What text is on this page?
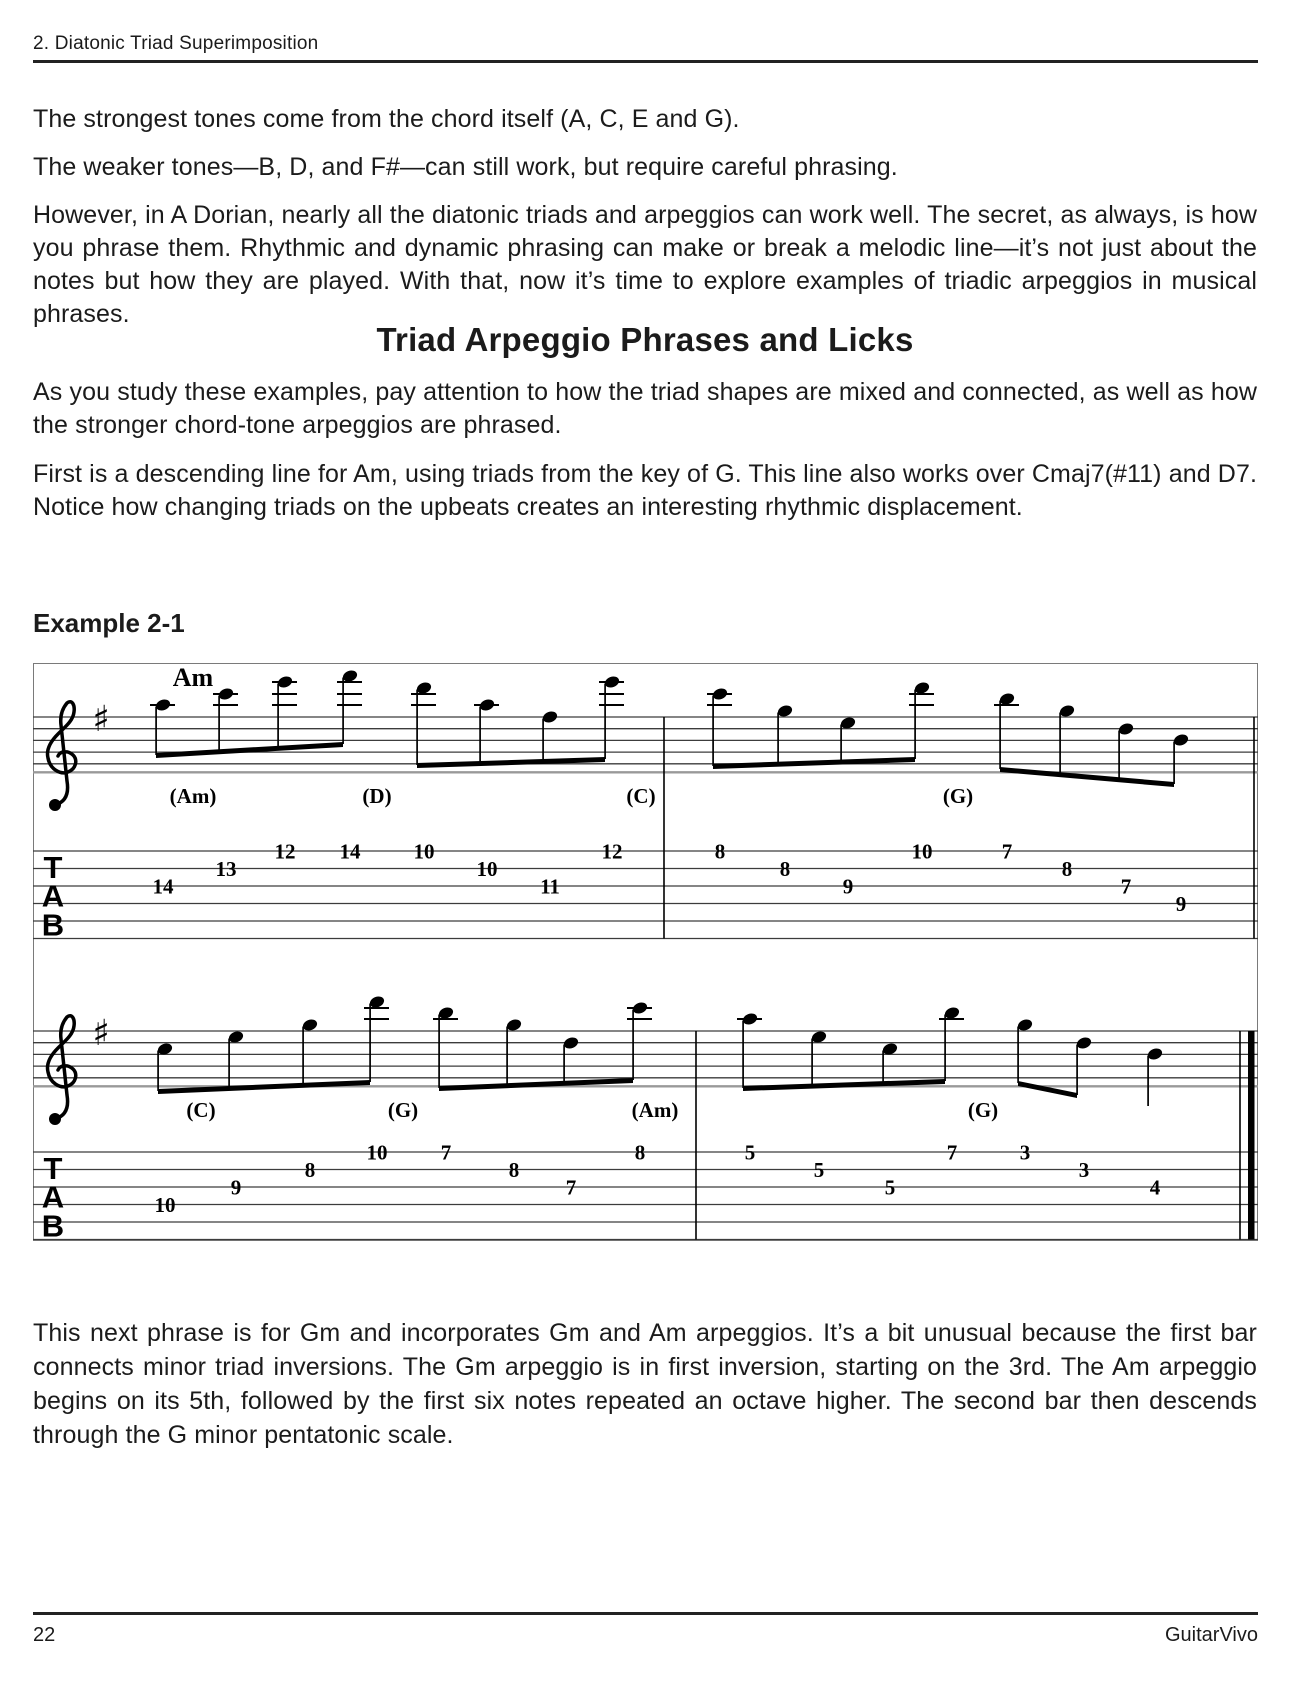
2. Diatonic Triad Superimposition
The strongest tones come from the chord itself (A, C, E and G).
The weaker tones—B, D, and F#—can still work, but require careful phrasing.
However, in A Dorian, nearly all the diatonic triads and arpeggios can work well. The secret, as always, is how you phrase them. Rhythmic and dynamic phrasing can make or break a melodic line—it’s not just about the notes but how they are played. With that, now it’s time to explore examples of triadic arpeggios in musical phrases.
Triad Arpeggio Phrases and Licks
As you study these examples, pay attention to how the triad shapes are mixed and connected, as well as how the stronger chord-tone arpeggios are phrased.
First is a descending line for Am, using triads from the key of G. This line also works over Cmaj7(#11) and D7. Notice how changing triads on the upbeats creates an interesting rhythmic displacement.
Example 2-1
♯
T
A
B
Am
(Am)	(D)	(C)	(G)
14
13
12 14	10
10
11
12	8
8
9
10	7
8
7
9
♯
T
A
B
(C)	(G)	(Am)	(G)
10
9
8
10	7
8
7
8	5
5
5
7	3
3
4
This next phrase is for Gm and incorporates Gm and Am arpeggios. It’s a bit unusual because the first bar connects minor triad inversions. The Gm arpeggio is in first inversion, starting on the 3rd. The Am arpeggio begins on its 5th, followed by the first six notes repeated an octave higher. The second bar then descends through the G minor pentatonic scale.
22	GuitarVivo
